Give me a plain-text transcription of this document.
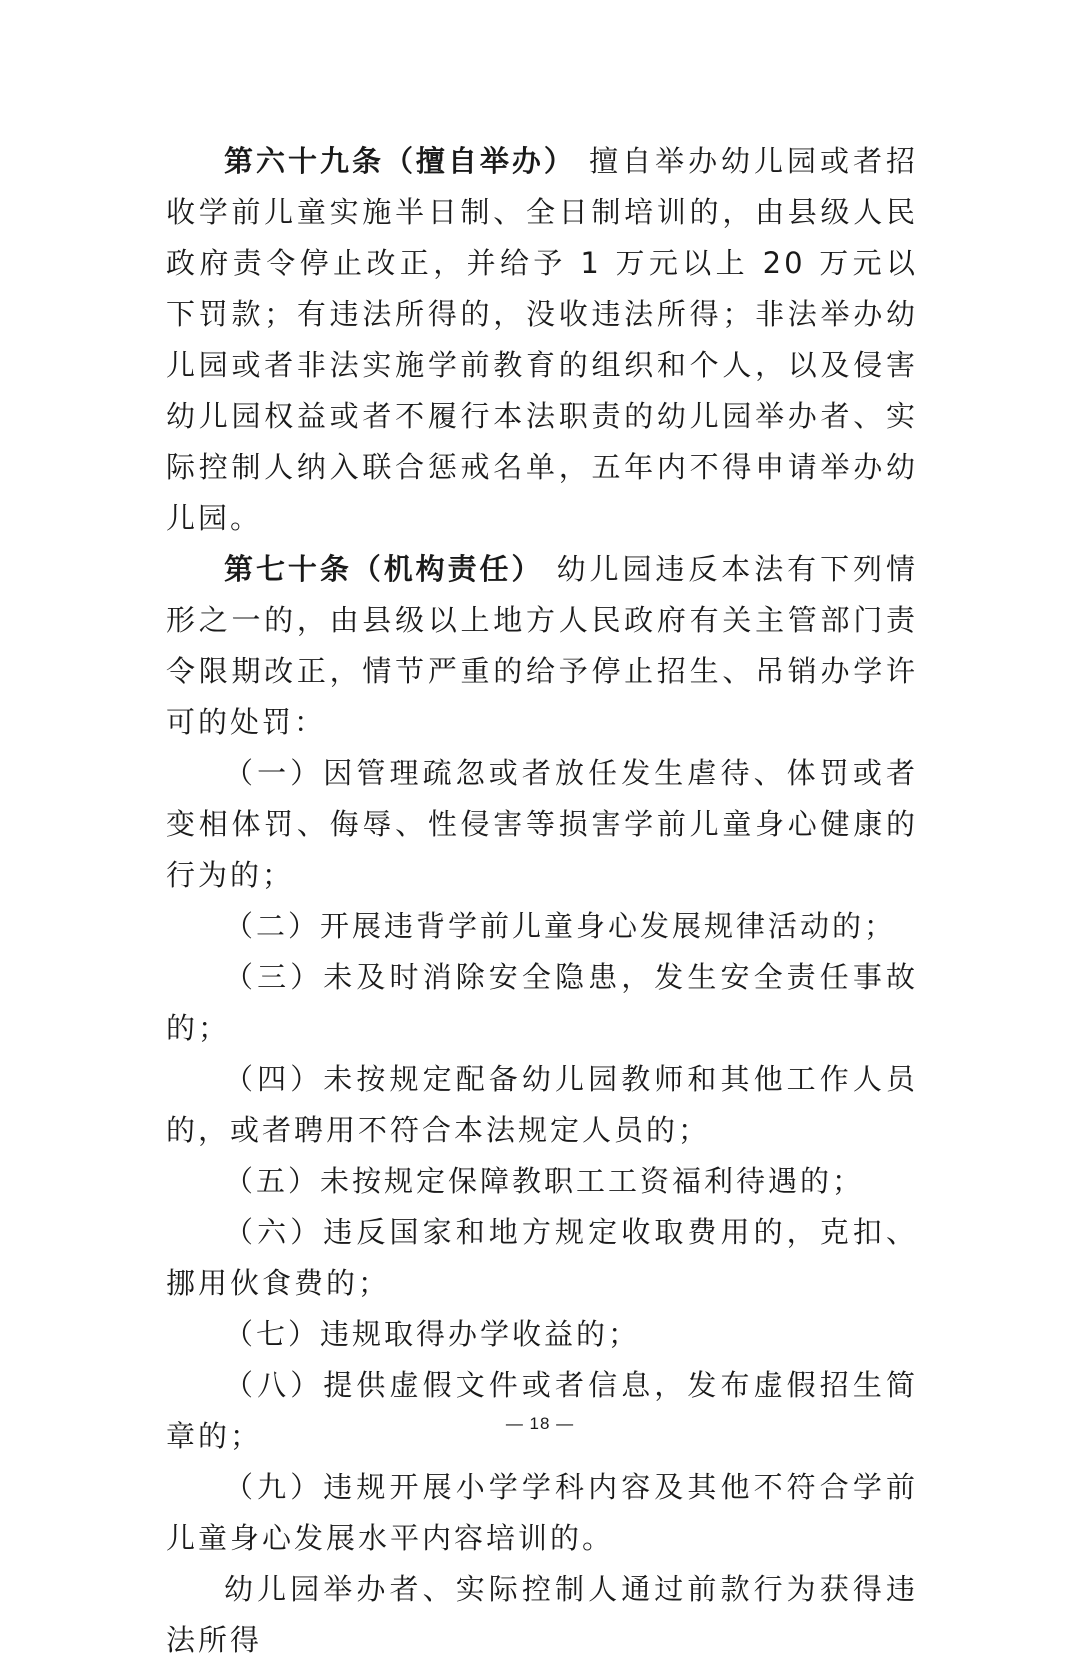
第六十九条（擅自举办） 擅自举办幼儿园或者招收学前儿童实施半日制、全日制培训的，由县级人民政府责令停止改正，并给予 1 万元以上 20 万元以下罚款；有违法所得的，没收违法所得；非法举办幼儿园或者非法实施学前教育的组织和个人，以及侵害幼儿园权益或者不履行本法职责的幼儿园举办者、实际控制人纳入联合惩戒名单，五年内不得申请举办幼儿园。

第七十条（机构责任） 幼儿园违反本法有下列情形之一的，由县级以上地方人民政府有关主管部门责令限期改正，情节严重的给予停止招生、吊销办学许可的处罚：

（一）因管理疏忽或者放任发生虐待、体罚或者变相体罚、侮辱、性侵害等损害学前儿童身心健康的行为的；

（二）开展违背学前儿童身心发展规律活动的；

（三）未及时消除安全隐患，发生安全责任事故的；

（四）未按规定配备幼儿园教师和其他工作人员的，或者聘用不符合本法规定人员的；

（五）未按规定保障教职工工资福利待遇的；

（六）违反国家和地方规定收取费用的，克扣、挪用伙食费的；

（七）违规取得办学收益的；

（八）提供虚假文件或者信息，发布虚假招生简章的；

（九）违规开展小学学科内容及其他不符合学前儿童身心发展水平内容培训的。

幼儿园举办者、实际控制人通过前款行为获得违法所得

— 18 —
